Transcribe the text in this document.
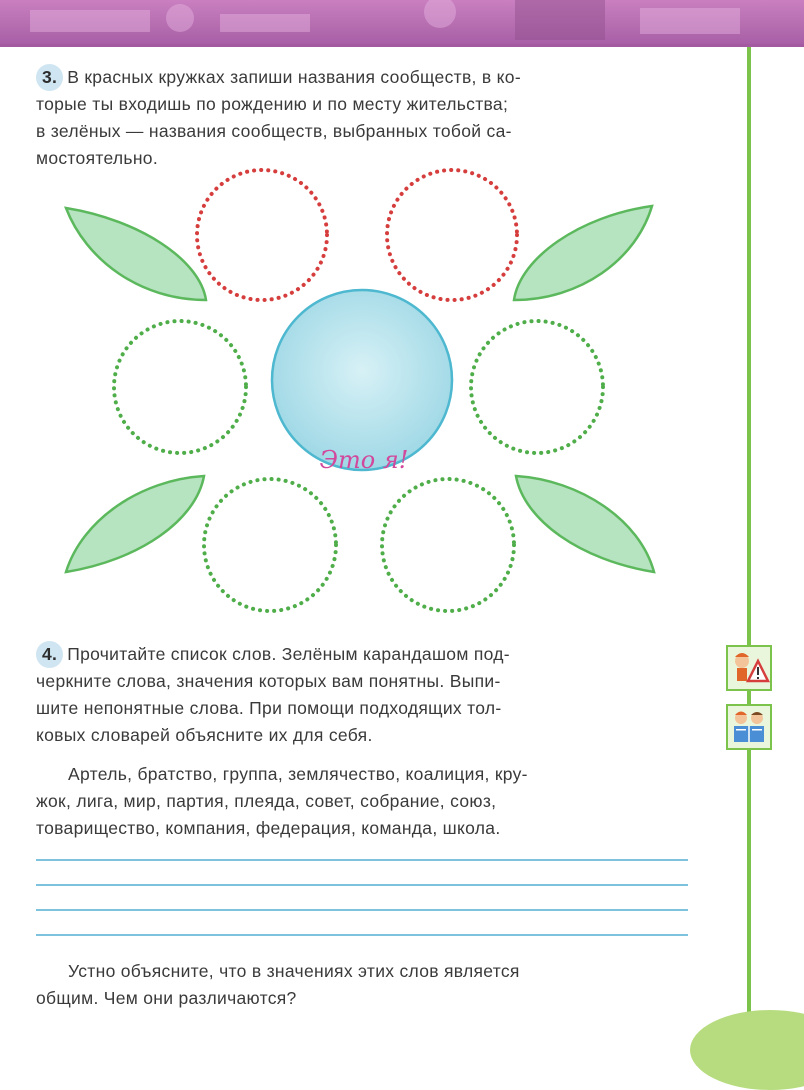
3. В красных кружках запиши названия сообществ, в ко-
торые ты входишь по рождению и по месту жительства;
в зелёных — названия сообществ, выбранных тобой са-
мостоятельно.
Это я!
4. Прочитайте список слов. Зелёным карандашом под-
черкните слова, значения которых вам понятны. Выпи-
шите непонятные слова. При помощи подходящих тол-
ковых словарей объясните их для себя.
Артель, братство, группа, землячество, коалиция, кру-
жок, лига, мир, партия, плеяда, совет, собрание, союз,
товарищество, компания, федерация, команда, школа.
Устно объясните, что в значениях этих слов является
общим. Чем они различаются?
